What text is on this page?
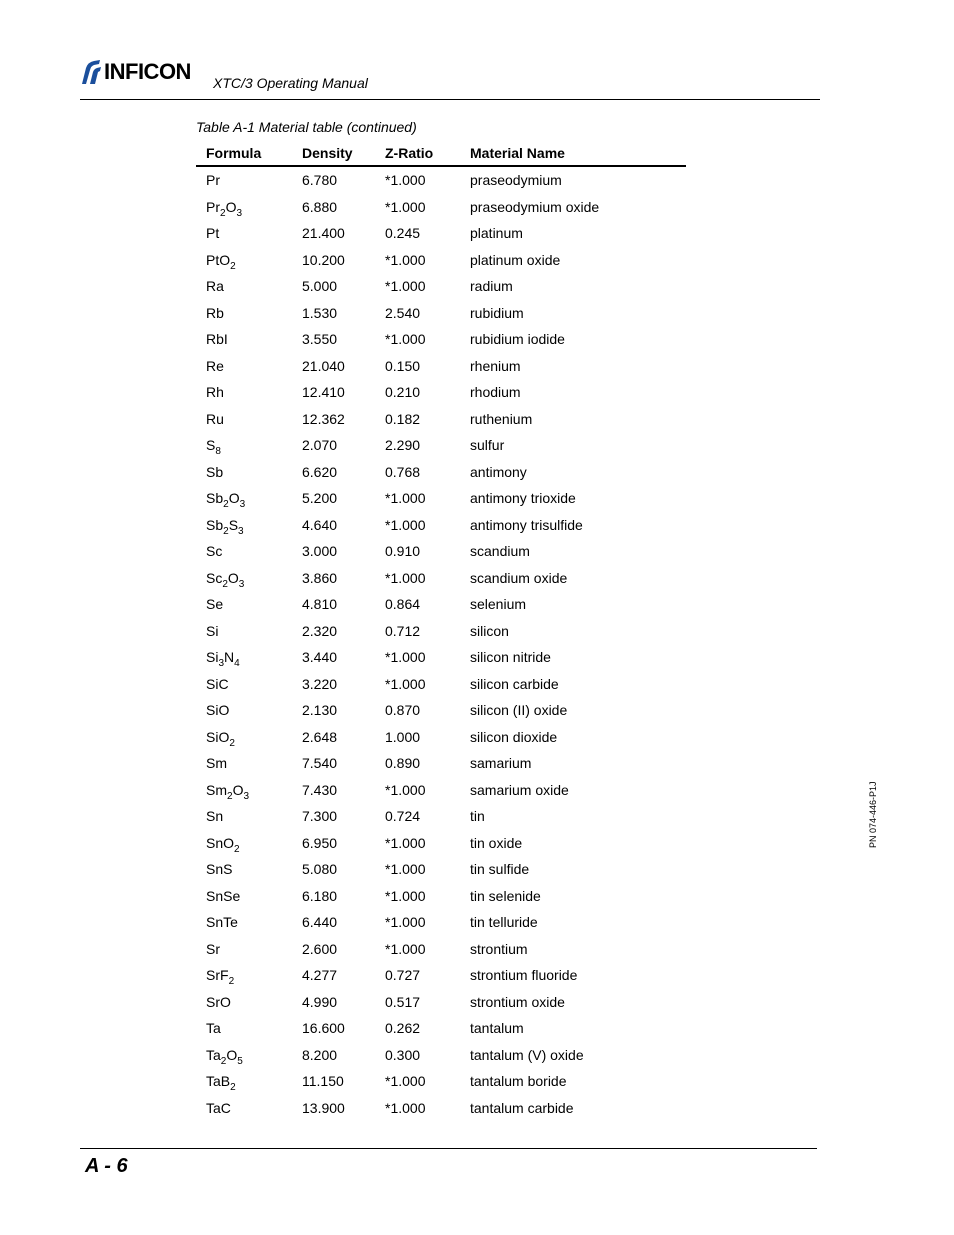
INFICON XTC/3 Operating Manual
Table A-1 Material table (continued)
Formula	Density	Z-Ratio	Material Name
Pr	6.780	*1.000	praseodymium
$Pr_2O_3$	6.880	*1.000	praseodymium oxide
Pt	21.400	0.245	platinum
PtO$_2$	10.200	*1.000	platinum oxide
Ra	5.000	*1.000	radium
Rb	1.530	2.540	rubidium
RbI	3.550	*1.000	rubidium iodide
Re	21.040	0.150	rhenium
Rh	12.410	0.210	rhodium
Ru	12.362	0.182	ruthenium
$S_8$	2.070	2.290	sulfur
Sb	6.620	0.768	antimony
$Sb_2O_3$	5.200	*1.000	antimony trioxide
$Sb_2S_3$	4.640	*1.000	antimony trisulfide
Sc	3.000	0.910	scandium
$Sc_2O_3$	3.860	*1.000	scandium oxide
Se	4.810	0.864	selenium
Si	2.320	0.712	silicon
$Si_3N_4$	3.440	*1.000	silicon nitride
SiC	3.220	*1.000	silicon carbide
SiO	2.130	0.870	silicon (II) oxide
SiO$_2$	2.648	1.000	silicon dioxide
Sm	7.540	0.890	samarium
$Sm_2O_3$	7.430	*1.000	samarium oxide
Sn	7.300	0.724	tin
SnO$_2$	6.950	*1.000	tin oxide
SnS	5.080	*1.000	tin sulfide
SnSe	6.180	*1.000	tin selenide
SnTe	6.440	*1.000	tin telluride
Sr	2.600	*1.000	strontium
SrF$_2$	4.277	0.727	strontium fluoride
SrO	4.990	0.517	strontium oxide
Ta	16.600	0.262	tantalum
$Ta_2O_5$	8.200	0.300	tantalum (V) oxide
TaB$_2$	11.150	*1.000	tantalum boride
TaC	13.900	*1.000	tantalum carbide
PN 074-446-P1J
A - 6
